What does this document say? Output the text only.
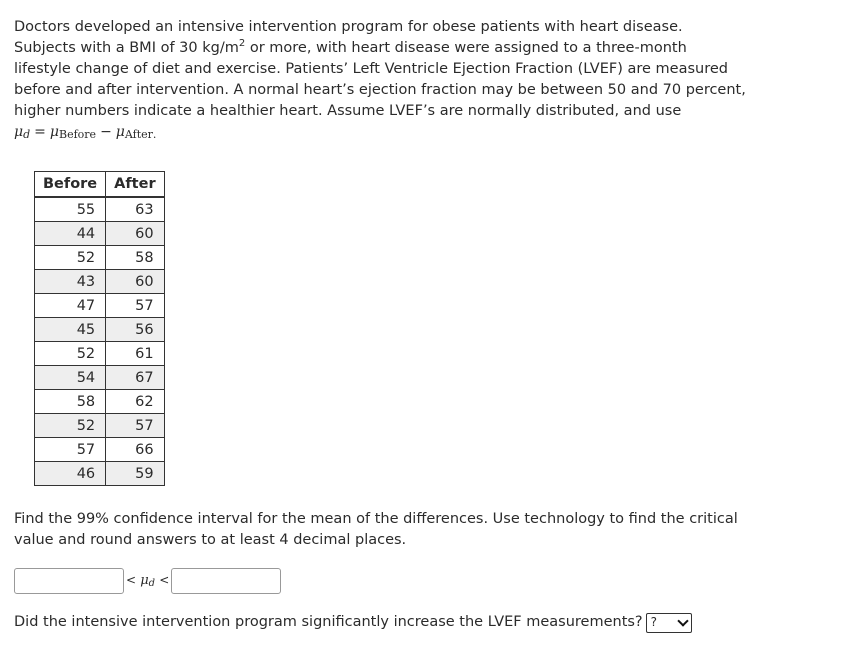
Doctors developed an intensive intervention program for obese patients with heart disease.

Subjects with a BMI of 30 $kg/m^2$ or more, with heart disease were assigned to a three-month

lifestyle change of diet and exercise. Patients’ Left Ventricle Ejection Fraction (LVEF) are measured

before and after intervention. A normal heart’s ejection fraction may be between 50 and 70 percent,

higher numbers indicate a healthier heart. Assume LVEF’s are normally distributed, and use

μd = μBefore − μAfter.

Before	After
55	63
44	60
52	58
43	60
47	57
45	56
52	61
54	67
58	62
52	57
57	66
46	59

Find the 99% confidence interval for the mean of the differences. Use technology to find the critical

value and round answers to at least 4 decimal places.

< μd <
Did the intensive intervention program significantly increase the LVEF measurements? ?
